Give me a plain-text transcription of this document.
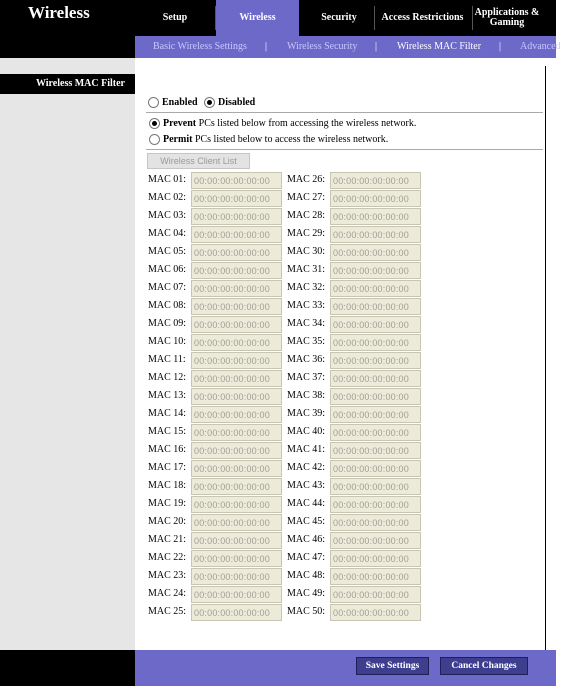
Wireless	Setup	Wireless	Security	Access Restrictions	Applications & Gaming
Basic Wireless Settings | Wireless Security | Wireless MAC Filter | Advanced
Wireless MAC Filter
Enabled Disabled
Prevent PCs listed below from accessing the wireless network.
Permit PCs listed below to access the wireless network.
Wireless Client List
MAC 01: 00:00:00:00:00:00
MAC 02: 00:00:00:00:00:00
MAC 03: 00:00:00:00:00:00
MAC 04: 00:00:00:00:00:00
MAC 05: 00:00:00:00:00:00
MAC 06: 00:00:00:00:00:00
MAC 07: 00:00:00:00:00:00
MAC 08: 00:00:00:00:00:00
MAC 09: 00:00:00:00:00:00
MAC 10: 00:00:00:00:00:00
MAC 11: 00:00:00:00:00:00
MAC 12: 00:00:00:00:00:00
MAC 13: 00:00:00:00:00:00
MAC 14: 00:00:00:00:00:00
MAC 15: 00:00:00:00:00:00
MAC 16: 00:00:00:00:00:00
MAC 17: 00:00:00:00:00:00
MAC 18: 00:00:00:00:00:00
MAC 19: 00:00:00:00:00:00
MAC 20: 00:00:00:00:00:00
MAC 21: 00:00:00:00:00:00
MAC 22: 00:00:00:00:00:00
MAC 23: 00:00:00:00:00:00
MAC 24: 00:00:00:00:00:00
MAC 25: 00:00:00:00:00:00
MAC 26: 00:00:00:00:00:00
MAC 27: 00:00:00:00:00:00
MAC 28: 00:00:00:00:00:00
MAC 29: 00:00:00:00:00:00
MAC 30: 00:00:00:00:00:00
MAC 31: 00:00:00:00:00:00
MAC 32: 00:00:00:00:00:00
MAC 33: 00:00:00:00:00:00
MAC 34: 00:00:00:00:00:00
MAC 35: 00:00:00:00:00:00
MAC 36: 00:00:00:00:00:00
MAC 37: 00:00:00:00:00:00
MAC 38: 00:00:00:00:00:00
MAC 39: 00:00:00:00:00:00
MAC 40: 00:00:00:00:00:00
MAC 41: 00:00:00:00:00:00
MAC 42: 00:00:00:00:00:00
MAC 43: 00:00:00:00:00:00
MAC 44: 00:00:00:00:00:00
MAC 45: 00:00:00:00:00:00
MAC 46: 00:00:00:00:00:00
MAC 47: 00:00:00:00:00:00
MAC 48: 00:00:00:00:00:00
MAC 49: 00:00:00:00:00:00
MAC 50: 00:00:00:00:00:00
Save Settings	Cancel Changes
